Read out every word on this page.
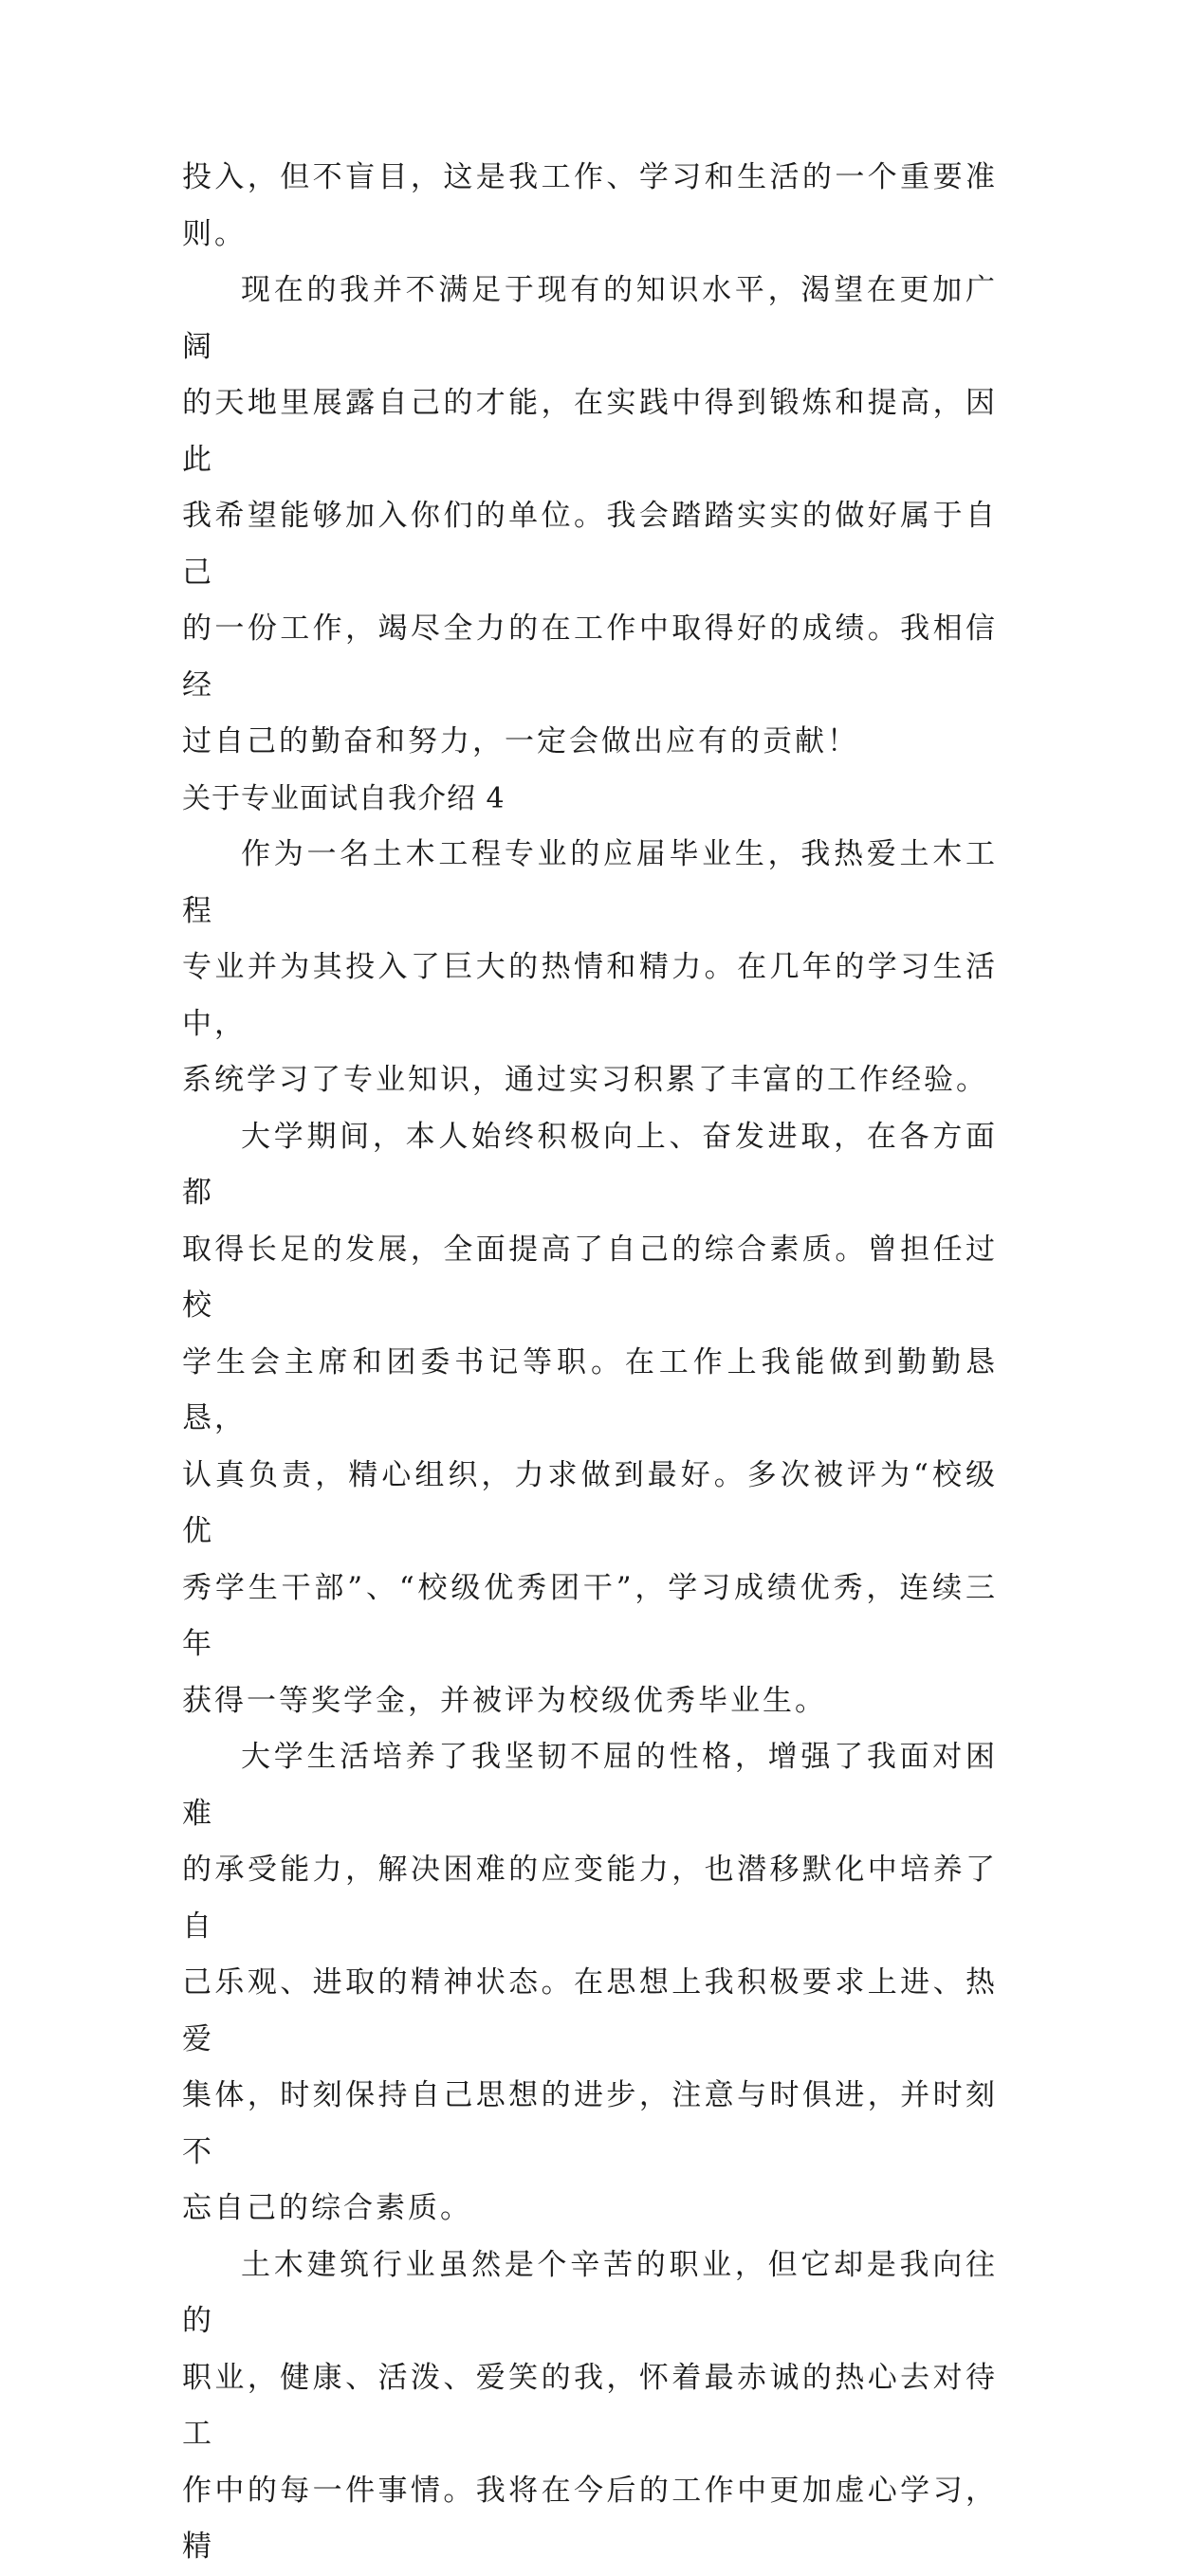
投入，但不盲目，这是我工作、学习和生活的一个重要准则。

现在的我并不满足于现有的知识水平，渴望在更加广阔
的天地里展露自己的才能，在实践中得到锻炼和提高，因此
我希望能够加入你们的单位。我会踏踏实实的做好属于自己
的一份工作，竭尽全力的在工作中取得好的成绩。我相信经
过自己的勤奋和努力，一定会做出应有的贡献！

关于专业面试自我介绍 4

作为一名土木工程专业的应届毕业生，我热爱土木工程
专业并为其投入了巨大的热情和精力。在几年的学习生活中，
系统学习了专业知识，通过实习积累了丰富的工作经验。

大学期间，本人始终积极向上、奋发进取，在各方面都
取得长足的发展，全面提高了自己的综合素质。曾担任过校
学生会主席和团委书记等职。在工作上我能做到勤勤恳恳，
认真负责，精心组织，力求做到最好。多次被评为“校级优
秀学生干部”、“校级优秀团干”，学习成绩优秀，连续三年
获得一等奖学金，并被评为校级优秀毕业生。

大学生活培养了我坚韧不屈的性格，增强了我面对困难
的承受能力，解决困难的应变能力，也潜移默化中培养了自
己乐观、进取的精神状态。在思想上我积极要求上进、热爱
集体，时刻保持自己思想的进步，注意与时俱进，并时刻不
忘自己的综合素质。

土木建筑行业虽然是个辛苦的职业，但它却是我向往的
职业，健康、活泼、爱笑的我，怀着最赤诚的热心去对待工
作中的每一件事情。我将在今后的工作中更加虚心学习，精
